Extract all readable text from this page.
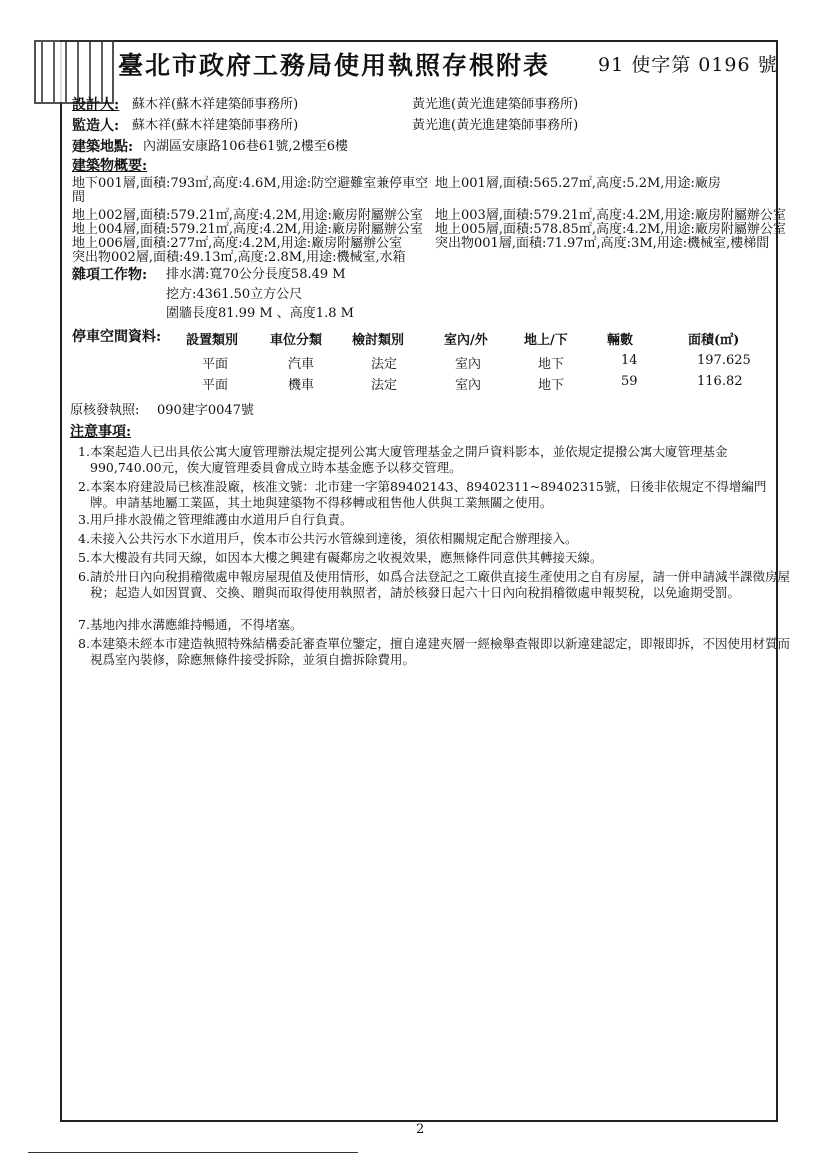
臺北市政府工務局使用執照存根附表	91 使字第 0196 號
設計人: 蘇木祥(蘇木祥建築師事務所)	黃光進(黃光進建築師事務所)
監造人: 蘇木祥(蘇木祥建築師事務所)	黃光進(黃光進建築師事務所)
建築地點: 內湖區安康路106巷61號,2樓至6樓
建築物概要:
地下001層,面積:793㎡,高度:4.6M,用途:防空避難室兼停車空 地上001層,面積:565.27㎡,高度:5.2M,用途:廠房
間
地上002層,面積:579.21㎡,高度:4.2M,用途:廠房附屬辦公室 地上003層,面積:579.21㎡,高度:4.2M,用途:廠房附屬辦公室
地上004層,面積:579.21㎡,高度:4.2M,用途:廠房附屬辦公室 地上005層,面積:578.85㎡,高度:4.2M,用途:廠房附屬辦公室
地上006層,面積:277㎡,高度:4.2M,用途:廠房附屬辦公室	突出物001層,面積:71.97㎡,高度:3M,用途:機械室,樓梯間
突出物002層,面積:49.13㎡,高度:2.8M,用途:機械室,水箱
雜項工作物: 排水溝:寬70公分長度58.49 M
挖方:4361.50立方公尺
圍牆長度81.99 M 、高度1.8 M
停車空間資料: 設置類別 車位分類 檢討類別	室內/外	地上/下	輛數	面積(㎡)
平面	汽車	法定	室內	地下	14	197.625
平面	機車	法定	室內	地下	59	116.82
原核發執照: 090建字0047號
注意事項:
1. 本案起造人已出具依公寓大廈管理辦法規定提列公寓大廈管理基金之開戶資料影本，並依規定提撥公寓大廈管理基金990,740.00元，俟大廈管理委員會成立時本基金應予以移交管理。
2. 本案本府建設局已核准設廠，核准文號：北市建一字第89402143、89402311~89402315號，日後非依規定不得增編門牌。申請基地屬工業區，其土地與建築物不得移轉或租售他人供與工業無關之使用。
3. 用戶排水設備之管理維護由水道用戶自行負責。
4. 未接入公共污水下水道用戶，俟本市公共污水管線到達後，須依相關規定配合辦理接入。
5. 本大樓設有共同天線，如因本大樓之興建有礙鄰房之收視效果，應無條件同意供其轉接天線。
6. 請於卅日內向稅捐稽徵處申報房屋現值及使用情形，如爲合法登記之工廠供直接生產使用之自有房屋，請一併申請減半課徵房屋稅；起造人如因買賣、交換、贈與而取得使用執照者，請於核發日起六十日內向稅捐稽徵處申報契稅，以免逾期受罰。
7. 基地內排水溝應維持暢通，不得堵塞。
8. 本建築未經本市建造執照特殊結構委託審查單位鑒定，擅自違建夾層一經檢舉查報即以新違建認定，即報即拆，不因使用材質而視爲室內裝修，除應無條件接受拆除，並須自擔拆除費用。
2
